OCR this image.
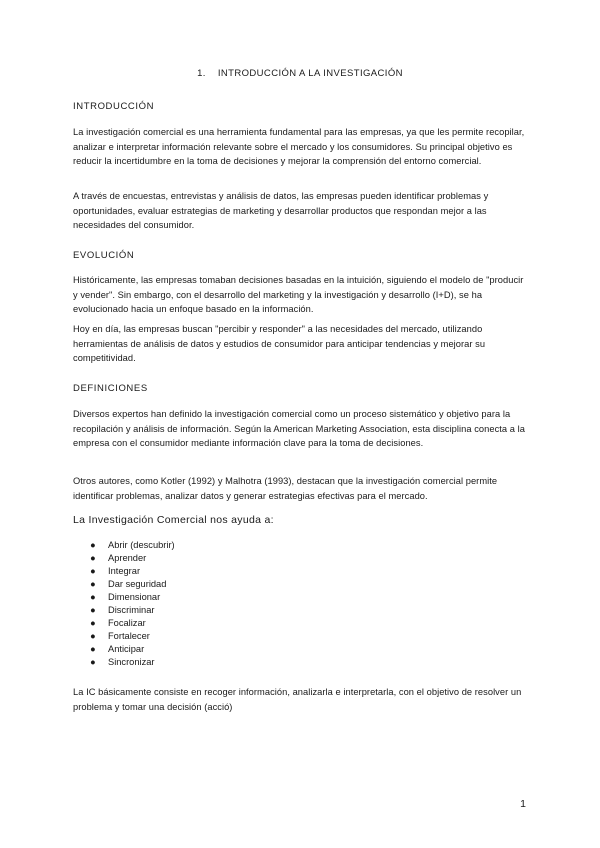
1. INTRODUCCIÓN A LA INVESTIGACIÓN
INTRODUCCIÓN

La investigación comercial es una herramienta fundamental para las empresas, ya que les permite recopilar, analizar e interpretar información relevante sobre el mercado y los consumidores. Su principal objetivo es reducir la incertidumbre en la toma de decisiones y mejorar la comprensión del entorno comercial.

A través de encuestas, entrevistas y análisis de datos, las empresas pueden identificar problemas y oportunidades, evaluar estrategias de marketing y desarrollar productos que respondan mejor a las necesidades del consumidor.

EVOLUCIÓN

Históricamente, las empresas tomaban decisiones basadas en la intuición, siguiendo el modelo de "producir y vender". Sin embargo, con el desarrollo del marketing y la investigación y desarrollo (I+D), se ha evolucionado hacia un enfoque basado en la información.

Hoy en día, las empresas buscan "percibir y responder" a las necesidades del mercado, utilizando herramientas de análisis de datos y estudios de consumidor para anticipar tendencias y mejorar su competitividad.

DEFINICIONES

Diversos expertos han definido la investigación comercial como un proceso sistemático y objetivo para la recopilación y análisis de información. Según la American Marketing Association, esta disciplina conecta a la empresa con el consumidor mediante información clave para la toma de decisiones.

Otros autores, como Kotler (1992) y Malhotra (1993), destacan que la investigación comercial permite identificar problemas, analizar datos y generar estrategias efectivas para el mercado.

La Investigación Comercial nos ayuda a:

● Abrir (descubrir)
● Aprender
● Integrar
● Dar seguridad
● Dimensionar
● Discriminar
● Focalizar
● Fortalecer
● Anticipar
● Sincronizar

La IC básicamente consiste en recoger información, analizarla e interpretarla, con el objetivo de resolver un problema y tomar una decisión (acció)

1
